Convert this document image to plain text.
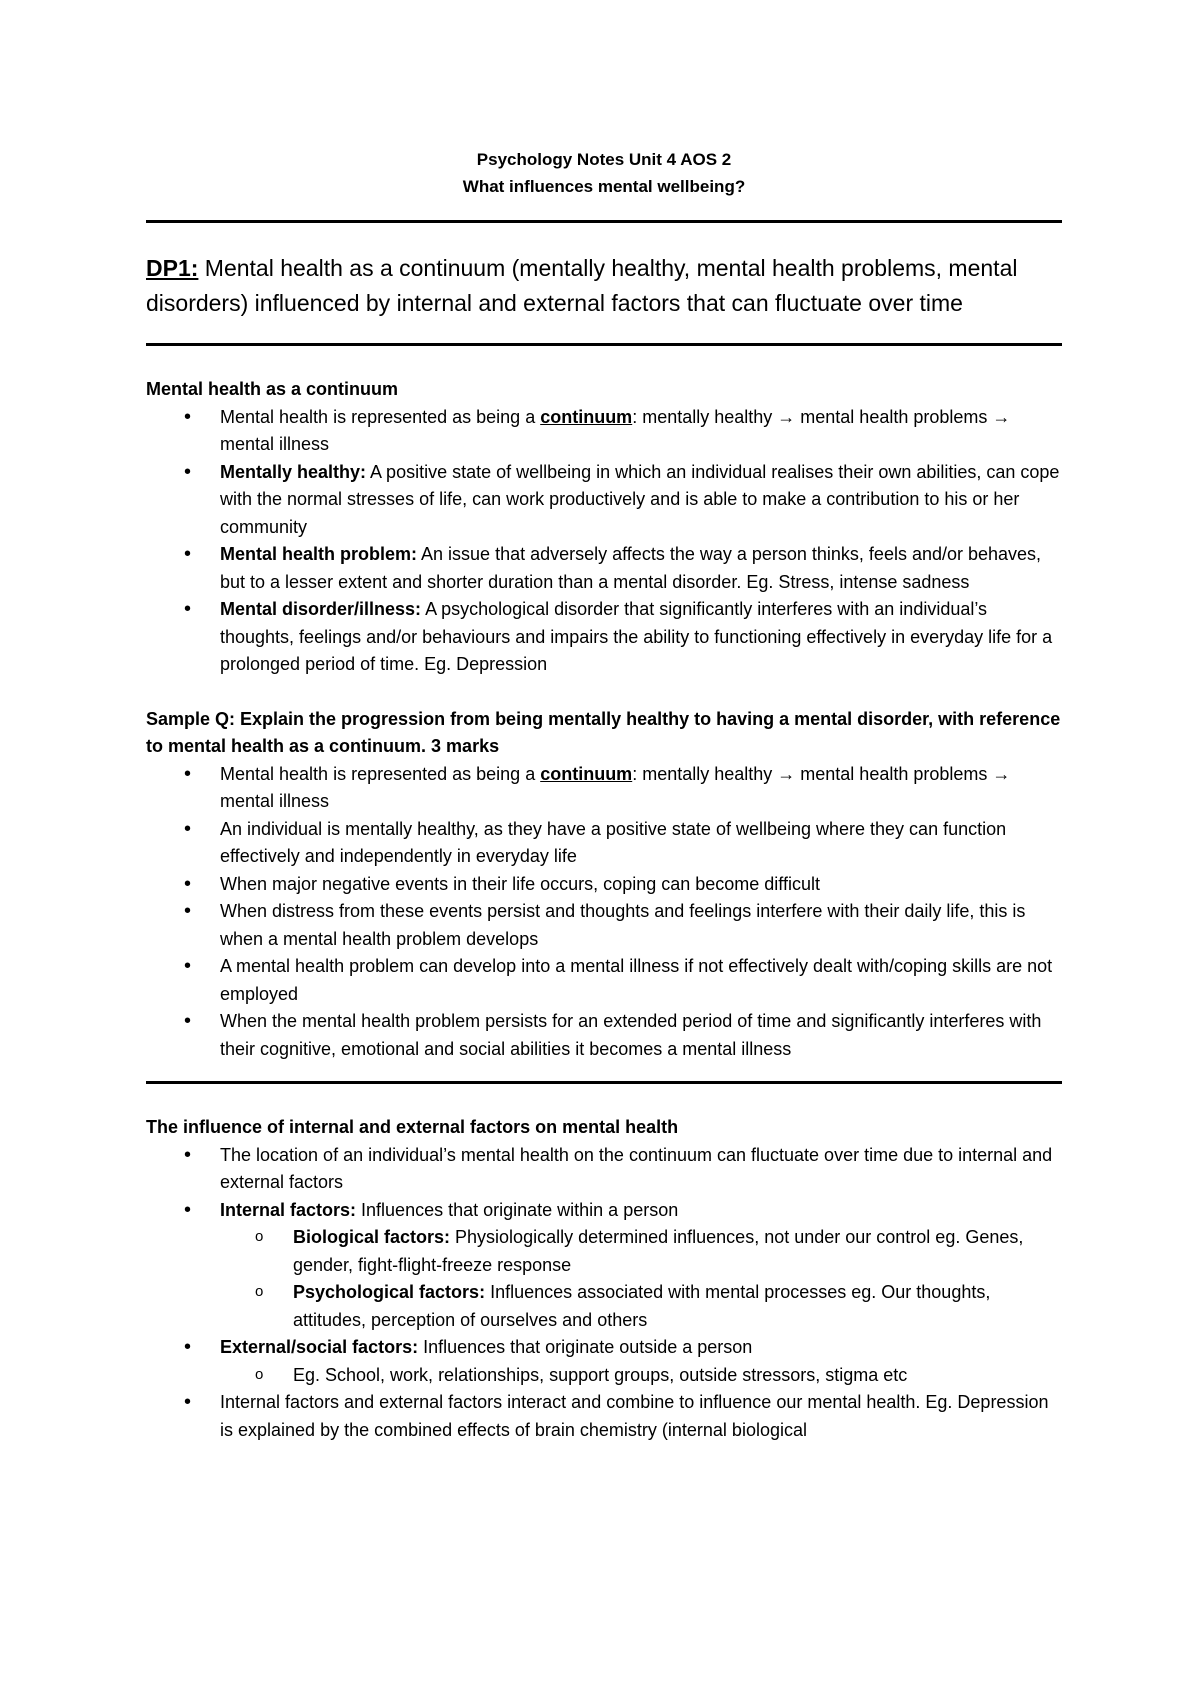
Psychology Notes Unit 4 AOS 2
What influences mental wellbeing?
DP1: Mental health as a continuum (mentally healthy, mental health problems, mental disorders) influenced by internal and external factors that can fluctuate over time
Mental health as a continuum
• Mental health is represented as being a continuum: mentally healthy → mental health problems → mental illness
• Mentally healthy: A positive state of wellbeing in which an individual realises their own abilities, can cope with the normal stresses of life, can work productively and is able to make a contribution to his or her community
• Mental health problem: An issue that adversely affects the way a person thinks, feels and/or behaves, but to a lesser extent and shorter duration than a mental disorder. Eg. Stress, intense sadness
• Mental disorder/illness: A psychological disorder that significantly interferes with an individual’s thoughts, feelings and/or behaviours and impairs the ability to functioning effectively in everyday life for a prolonged period of time. Eg. Depression
Sample Q: Explain the progression from being mentally healthy to having a mental disorder, with reference to mental health as a continuum. 3 marks
• Mental health is represented as being a continuum: mentally healthy → mental health problems → mental illness
• An individual is mentally healthy, as they have a positive state of wellbeing where they can function effectively and independently in everyday life
• When major negative events in their life occurs, coping can become difficult
• When distress from these events persist and thoughts and feelings interfere with their daily life, this is when a mental health problem develops
• A mental health problem can develop into a mental illness if not effectively dealt with/coping skills are not employed
• When the mental health problem persists for an extended period of time and significantly interferes with their cognitive, emotional and social abilities it becomes a mental illness
The influence of internal and external factors on mental health
• The location of an individual’s mental health on the continuum can fluctuate over time due to internal and external factors
• Internal factors: Influences that originate within a person
o Biological factors: Physiologically determined influences, not under our control eg. Genes, gender, fight-flight-freeze response
o Psychological factors: Influences associated with mental processes eg. Our thoughts, attitudes, perception of ourselves and others
• External/social factors: Influences that originate outside a person
o Eg. School, work, relationships, support groups, outside stressors, stigma etc
• Internal factors and external factors interact and combine to influence our mental health. Eg. Depression is explained by the combined effects of brain chemistry (internal biological
